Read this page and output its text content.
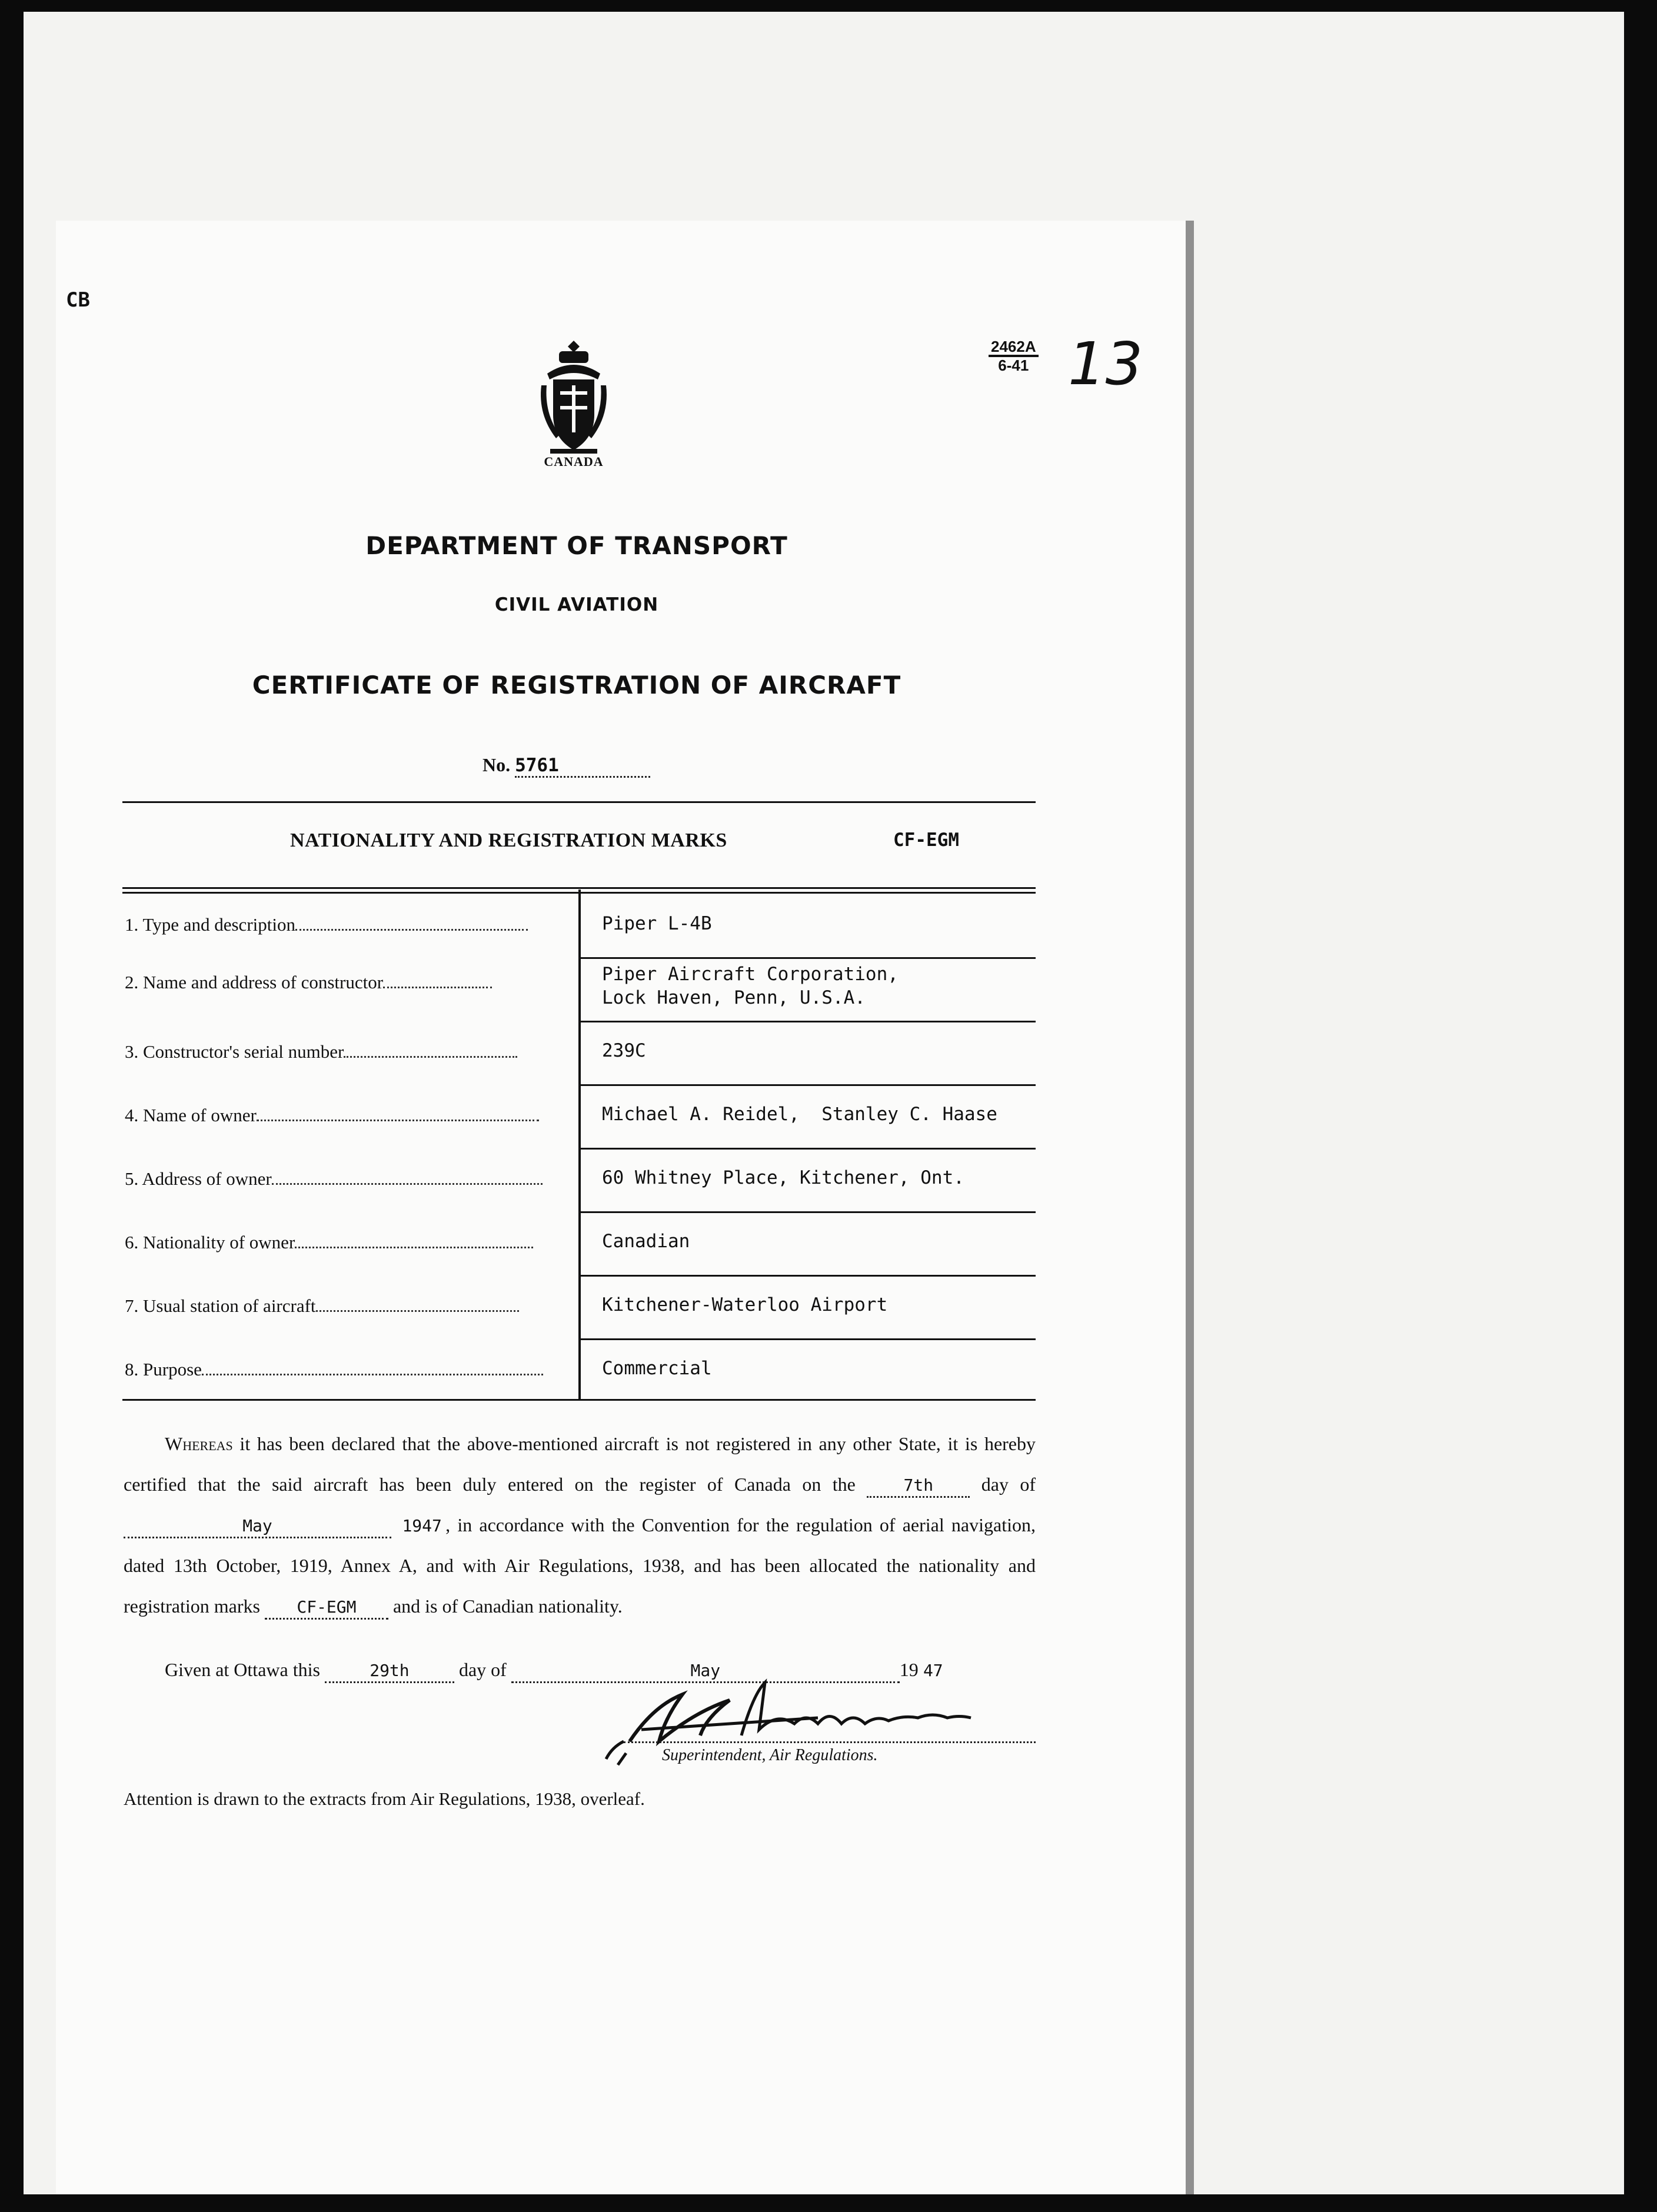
CB
2462A
6-41 13
CANADA
DEPARTMENT OF TRANSPORT
CIVIL AVIATION
CERTIFICATE OF REGISTRATION OF AIRCRAFT
No. 5761
NATIONALITY AND REGISTRATION MARKS	CF-EGM
1. Type and description	Piper L-4B
2. Name and address of constructor	Piper Aircraft Corporation,
Lock Haven, Penn, U.S.A.
3. Constructor's serial number	239C
4. Name of owner	Michael A. Reidel,  Stanley C. Haase
5. Address of owner	60 Whitney Place, Kitchener, Ont.
6. Nationality of owner	Canadian
7. Usual station of aircraft	Kitchener-Waterloo Airport
8. Purpose	Commercial
Whereas it has been declared that the above-mentioned aircraft is not registered in any other State, it is hereby certified that the said aircraft has been duly entered on the register of Canada on the	7th	day of May	1947 , in accordance with the Convention for the regulation of aerial navigation, dated 13th October, 1919, Annex A, and with Air Regulations, 1938, and has been allocated the nationality and registration marks CF-EGM and is of Canadian nationality.
Given at Ottawa this	29th	day of	May	19 47
Superintendent, Air Regulations.
Attention is drawn to the extracts from Air Regulations, 1938, overleaf.
